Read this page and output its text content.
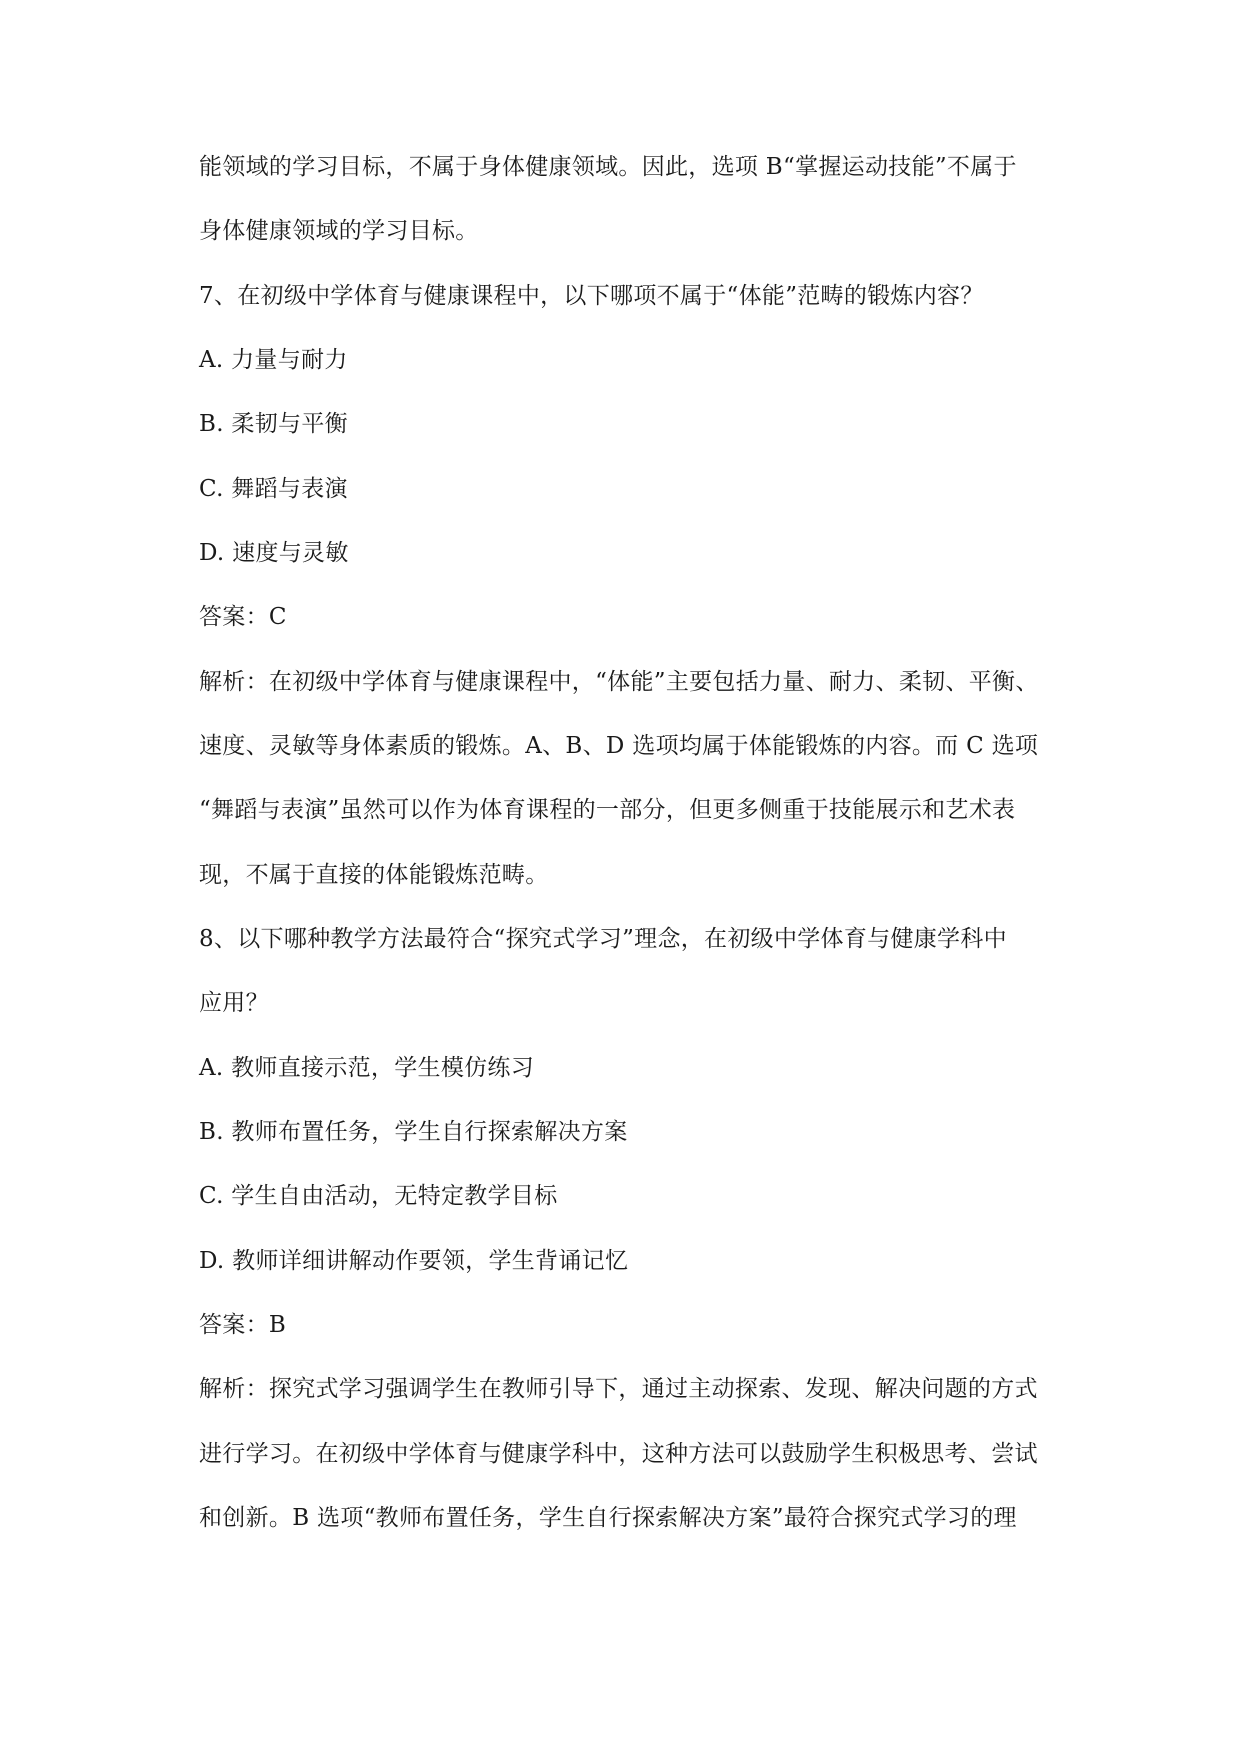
能领域的学习目标，不属于身体健康领域。因此，选项 B“掌握运动技能”不属于
身体健康领域的学习目标。
7、在初级中学体育与健康课程中，以下哪项不属于“体能”范畴的锻炼内容？
A. 力量与耐力
B. 柔韧与平衡
C. 舞蹈与表演
D. 速度与灵敏
答案：C
解析：在初级中学体育与健康课程中，“体能”主要包括力量、耐力、柔韧、平衡、
速度、灵敏等身体素质的锻炼。A、B、D 选项均属于体能锻炼的内容。而 C 选项
“舞蹈与表演”虽然可以作为体育课程的一部分，但更多侧重于技能展示和艺术表
现，不属于直接的体能锻炼范畴。
8、以下哪种教学方法最符合“探究式学习”理念，在初级中学体育与健康学科中
应用？
A. 教师直接示范，学生模仿练习
B. 教师布置任务，学生自行探索解决方案
C. 学生自由活动，无特定教学目标
D. 教师详细讲解动作要领，学生背诵记忆
答案：B
解析：探究式学习强调学生在教师引导下，通过主动探索、发现、解决问题的方式
进行学习。在初级中学体育与健康学科中，这种方法可以鼓励学生积极思考、尝试
和创新。B 选项“教师布置任务，学生自行探索解决方案”最符合探究式学习的理
